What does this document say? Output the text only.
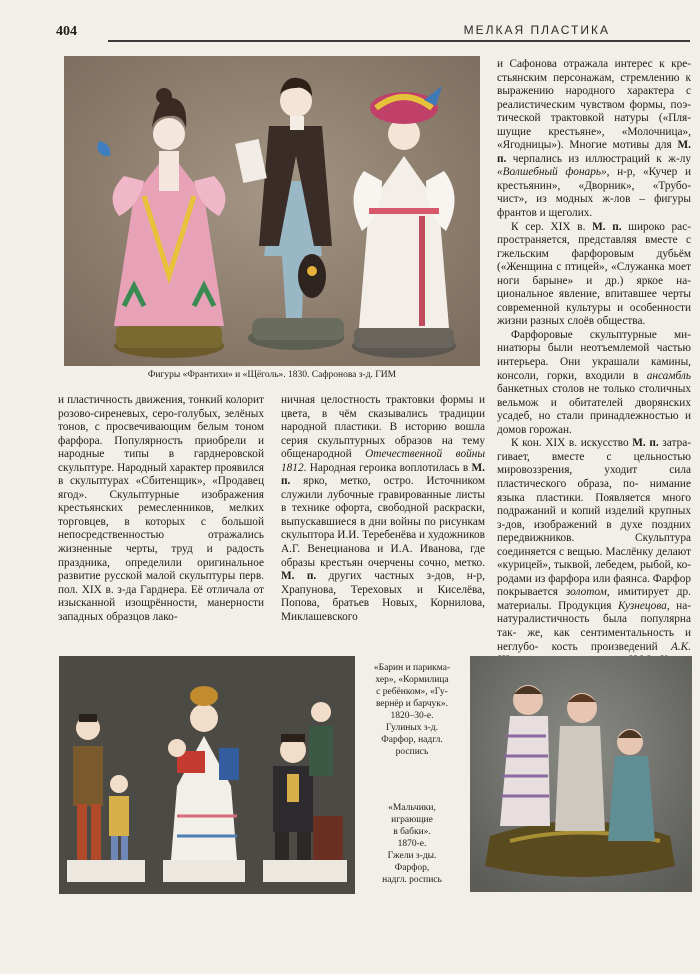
404	МЕЛКАЯ ПЛАСТИКА
Фигуры «Франтихи» и «Щёголь». 1830. Сафронова з-д. ГИМ

и Сафонова отражала интерес к кре- стьянским персонажам, стремлению к выражению народного характера с реалистическим чувством формы, поэ- тической трактовкой натуры («Пля- шущие крестьяне», «Молочница», «Ягодницы»). Многие мотивы для М. п. черпались из иллюстраций к ж-лу «Волшебный фонарь», н-р, «Кучер и крестьянин», «Дворник», «Трубо- чист», из модных ж-лов – фигуры франтов и щеголих.

К сер. XIX в. М. п. широко рас- пространяется, представляя вместе с гжельским фарфоровым дубьём («Женщина с птицей», «Служанка моет ноги барыне» и др.) яркое на- циональное явление, впитавшее черты современной культуры и особенности жизни разных слоёв общества.

Фарфоровые скульптурные ми- ниатюры были неотъемлемой частью интерьера. Они украшали камины, консоли, горки, входили в ансамбль банкетных столов не только столичных вельмож и обитателей дворянских усадеб, но стали принадлежностью и домов горожан.

К кон. XIX в. искусство М. п. затра- гивает, вместе с цельностью мировоззрения,	уходит сила пластического образа, по- нимание языка пластики. Появляется много подражаний и копий изделий крупных з-дов, изображений в духе поздних передвижников. Скульптура соединяется с вещью. Маслёнку делают «курицей», тыквой, лебедем, рыбой, ко- родами из фарфора или фаянса. Фарфор покрывается золотом, имитирует др. материалы. Продукция Кузнецова, на- натуралистичность была популярна так- же, как сентиментальность и неглубо- кость произведений А.К.

и пластичность движения, тонкий колорит розово-сиреневых, серо-голубых, зелёных тонов, с просвечивающим белым тоном фарфора. Популярность приобрели и народные типы в гарднеровской скульптуре. Народный характер проявился в скульптурах «Сбитенщик», «Продавец ягод». Скульптурные изображения крестьянских ремесленников, мелких торговцев, в которых с большой непосредственностью отражались жизненные черты, труд и радость праздника, определили оригинальное развитие русской малой скульптуры перв. пол. XIX в. з-да Гарднера. Её отличала от изысканной изощрённости, манерности западных образцов лако-

ничная целостность трактовки формы и цвета, в чём сказывались традиции народной пластики. В историю вошла серия скульптурных образов на тему общенародной Отечественной войны 1812. Народная героика воплотилась в М. п. ярко, метко, остро. Источником служили лубочные гравированные листы в технике офорта, свободной раскраски, выпускавшиеся в дни войны по рисункам скульптора И.И. Теребенёва и художников А.Г. Венецианова и И.А. Иванова, где образы крестьян очерчены сочно, метко. М. п. других частных з-дов, н-р, Храпунова, Тереховых и Киселёва, Попова, братьев Новых, Корнилова, Миклашевского

«Барин и парикма-
хер», «Кормилица
с ребёнком», «Гу-
вернёр и барчук».
1820–30-е.
Гулиных з-д.
Фарфор, надгл.
роспись
«Мальчики,
играющие
в бабки».
1870-е.
Гжели з-ды.
Фарфор,
надгл. роспись
